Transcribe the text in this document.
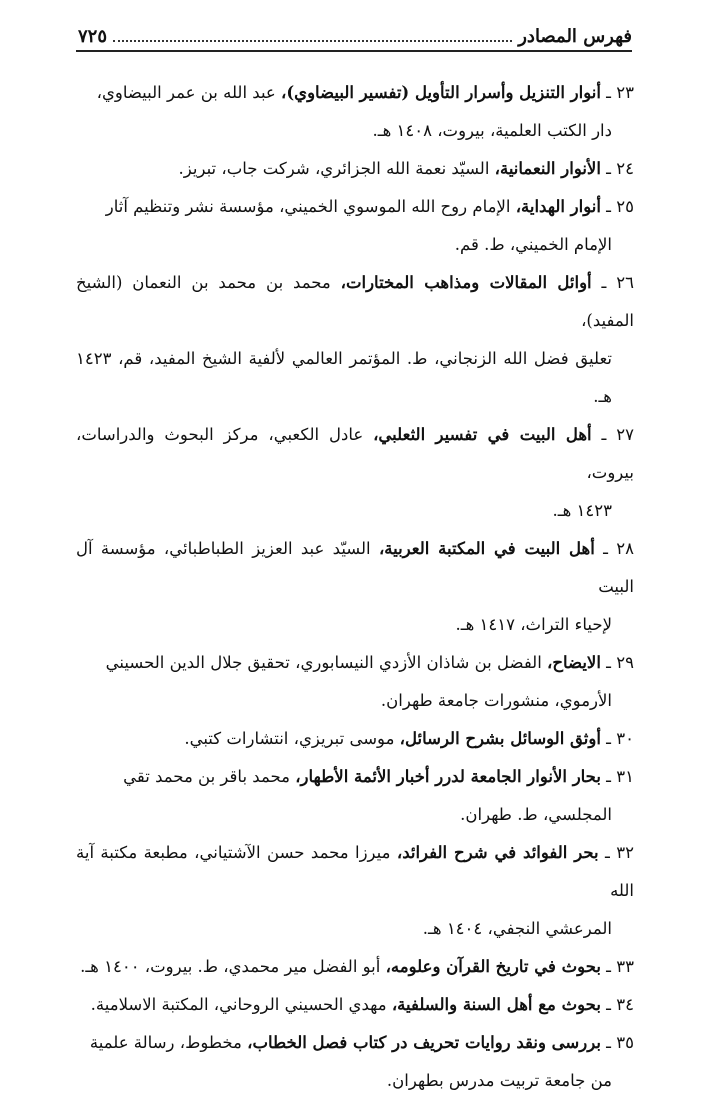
فهرس المصادر
٧٢٥

٢٣ ـ أنوار التنزيل وأسرار التأويل (تفسير البيضاوي)، عبد الله بن عمر البيضاوي،
دار الكتب العلمية، بيروت، ١٤٠٨ هـ.

٢٤ ـ الأنوار النعمانية، السيّد نعمة الله الجزائري، شركت جاب، تبريز.

٢٥ ـ أنوار الهداية، الإمام روح الله الموسوي الخميني، مؤسسة نشر وتنظيم آثار
الإمام الخميني، ط. قم.

٢٦ ـ أوائل المقالات ومذاهب المختارات، محمد بن محمد بن النعمان (الشيخ المفيد)،
تعليق فضل الله الزنجاني، ط. المؤتمر العالمي لألفية الشيخ المفيد، قم، ١٤٢٣ هـ.

٢٧ ـ أهل البيت في تفسير الثعلبي، عادل الكعبي، مركز البحوث والدراسات، بيروت،
١٤٢٣ هـ.

٢٨ ـ أهل البيت في المكتبة العربية، السيّد عبد العزيز الطباطبائي، مؤسسة آل البيت
لإحياء التراث، ١٤١٧ هـ.

٢٩ ـ الايضاح، الفضل بن شاذان الأزدي النيسابوري، تحقيق جلال الدين الحسيني
الأرموي، منشورات جامعة طهران.

٣٠ ـ أوثق الوسائل بشرح الرسائل، موسى تبريزي، انتشارات كتبي.

٣١ ـ بحار الأنوار الجامعة لدرر أخبار الأئمة الأطهار، محمد باقر بن محمد تقي
المجلسي، ط. طهران.

٣٢ ـ بحر الفوائد في شرح الفرائد، ميرزا محمد حسن الآشتياني، مطبعة مكتبة آية الله
المرعشي النجفي، ١٤٠٤ هـ.

٣٣ ـ بحوث في تاريخ القرآن وعلومه، أبو الفضل مير محمدي، ط. بيروت، ١٤٠٠ هـ.

٣٤ ـ بحوث مع أهل السنة والسلفية، مهدي الحسيني الروحاني، المكتبة الاسلامية.

٣٥ ـ بررسى ونقد روايات تحريف در كتاب فصل الخطاب، مخطوط، رسالة علمية
من جامعة تربيت مدرس بطهران.
